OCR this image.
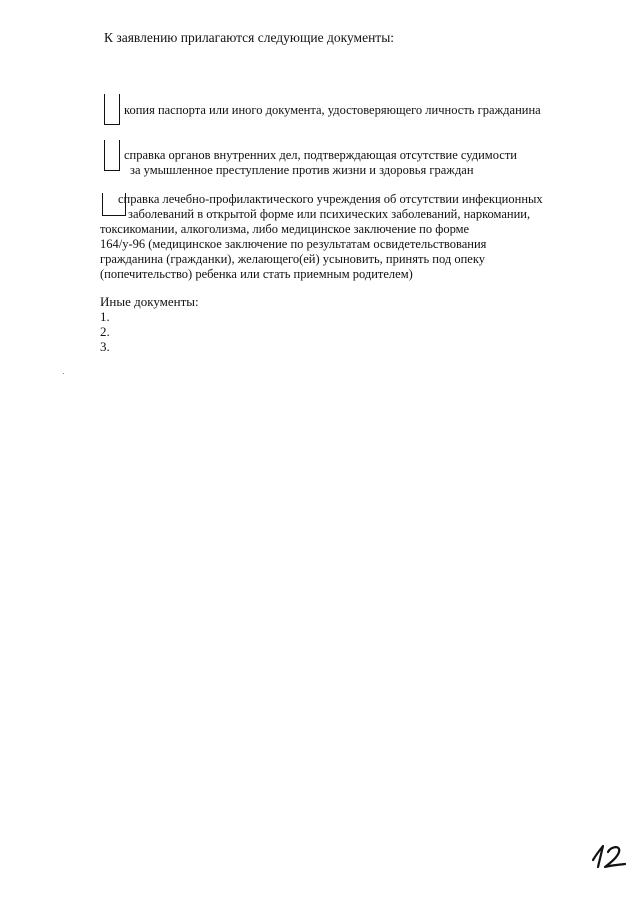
К заявлению прилагаются следующие документы:
копия паспорта или иного документа, удостоверяющего личность гражданина
справка органов внутренних дел, подтверждающая отсутствие судимости
за умышленное преступление против жизни и здоровья граждан
справка лечебно-профилактического учреждения об отсутствии инфекционных
заболеваний в открытой форме или психических заболеваний, наркомании,
токсикомании, алкоголизма, либо медицинское заключение по форме
164/у-96 (медицинское заключение по результатам освидетельствования
гражданина (гражданки), желающего(ей) усыновить, принять под опеку
(попечительство) ребенка или стать приемным родителем)
Иные документы:
1.
2.
3.
